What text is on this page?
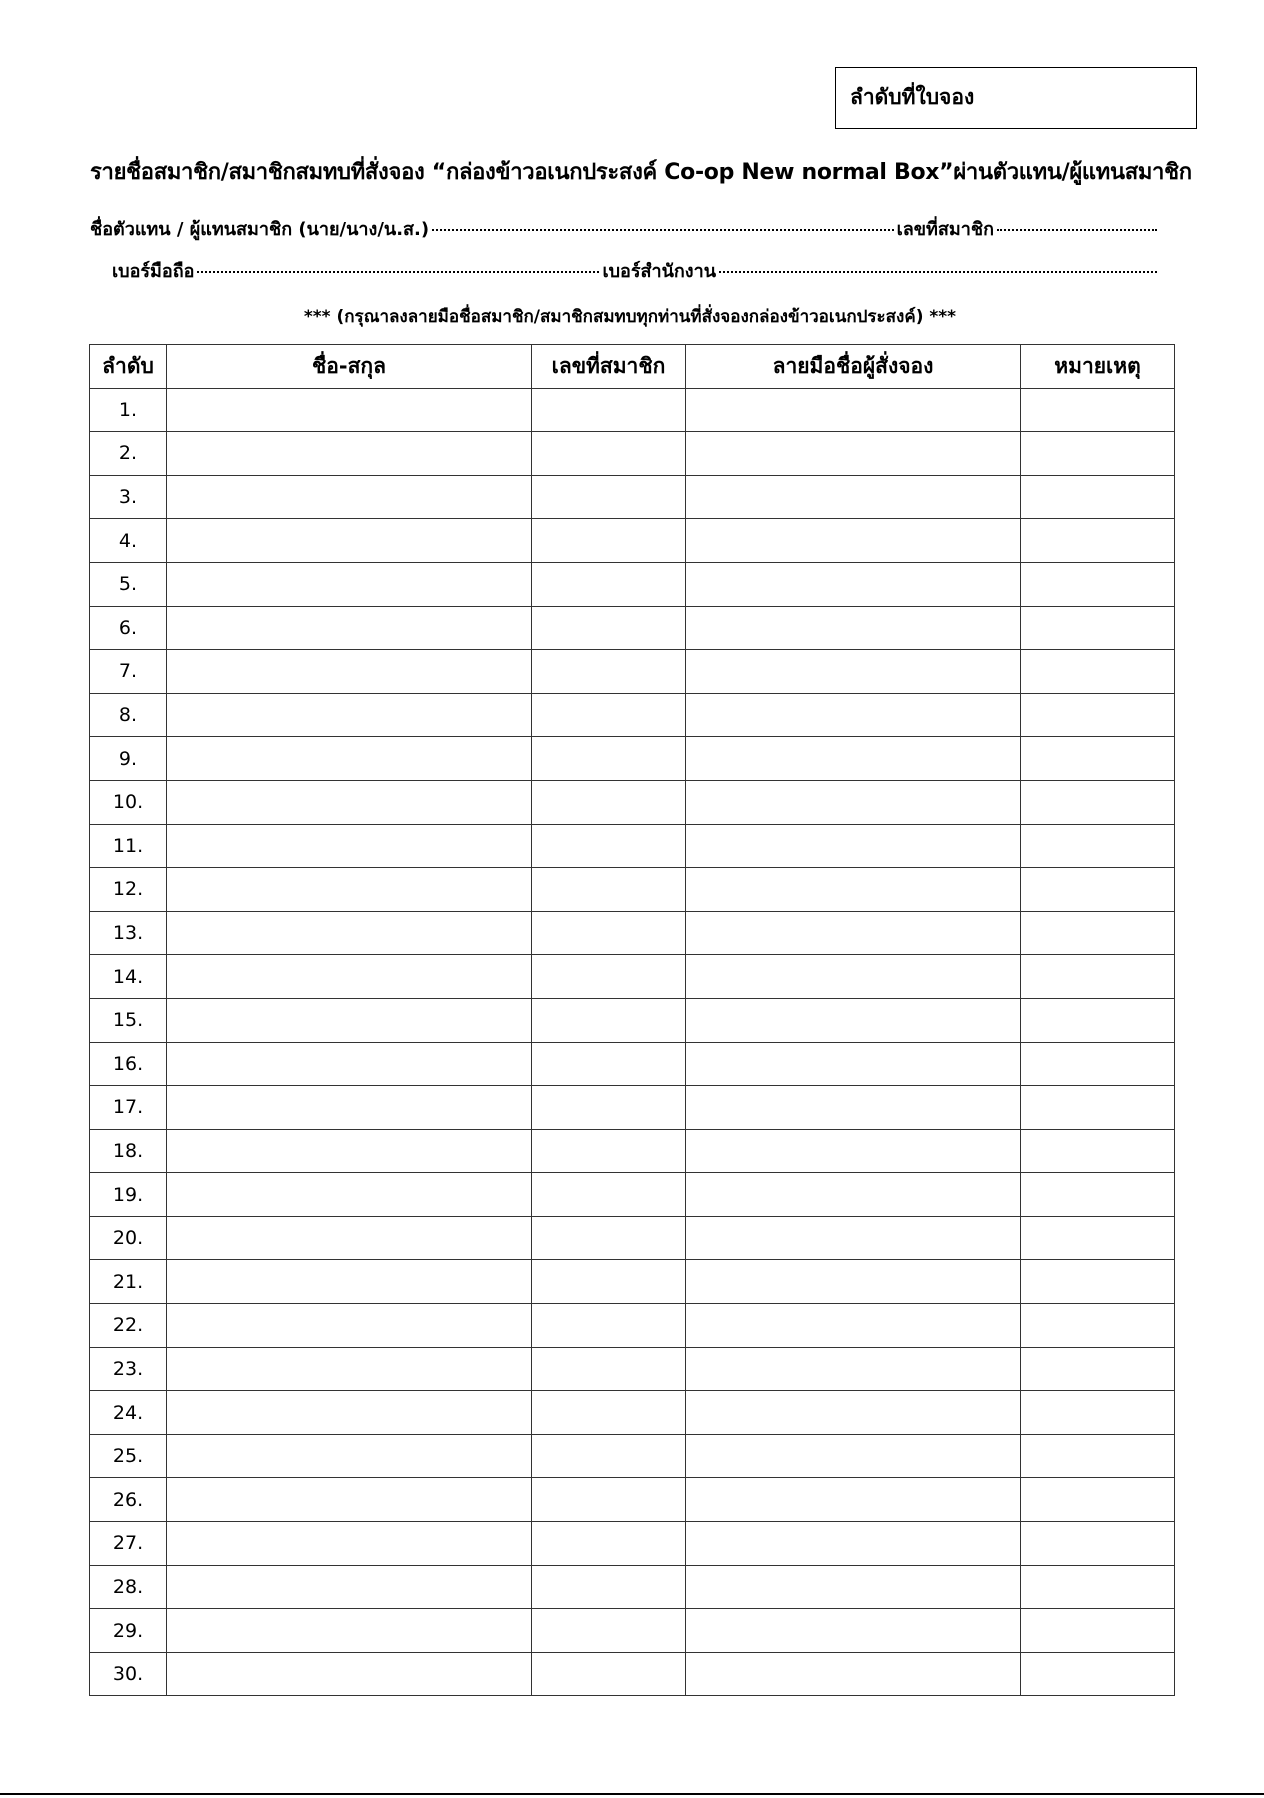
ลำดับที่ใบจอง
รายชื่อสมาชิก/สมาชิกสมทบที่สั่งจอง “กล่องข้าวอเนกประสงค์ Co-op New normal Box”ผ่านตัวแทน/ผู้แทนสมาชิก
ชื่อตัวแทน / ผู้แทนสมาชิก (นาย/นาง/น.ส.)	เลขที่สมาชิก
เบอร์มือถือ	เบอร์สำนักงาน
*** (กรุณาลงลายมือชื่อสมาชิก/สมาชิกสมทบทุกท่านที่สั่งจองกล่องข้าวอเนกประสงค์) ***
ลำดับ	ชื่อ-สกุล	เลขที่สมาชิก	ลายมือชื่อผู้สั่งจอง	หมายเหตุ
1.				
2.				
3.				
4.				
5.				
6.				
7.				
8.				
9.				
10.				
11.				
12.				
13.				
14.				
15.				
16.				
17.				
18.				
19.				
20.				
21.				
22.				
23.				
24.				
25.				
26.				
27.				
28.				
29.				
30.				
